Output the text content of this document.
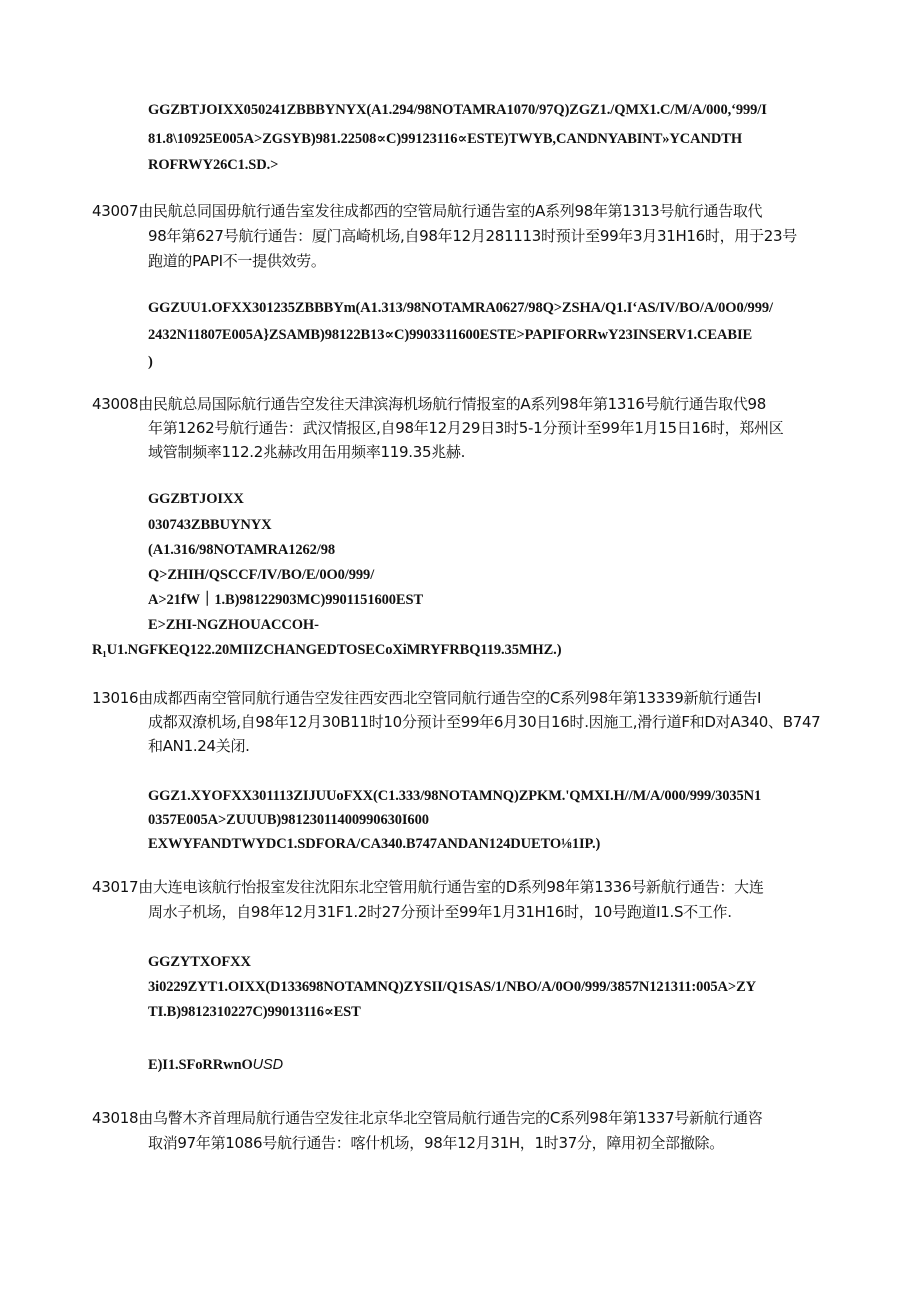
GGZBTJOIXX050241ZBBBYNYX(A1.294/98NOTAMRA1070/97Q)ZGZ1./QMX1.C/M/A/000,‘999/I

81.8\10925E005A>ZGSYB)981.22508∝C)99123116∝ESTE)TWYB,CANDNYABINT»YCANDTH

ROFRWY26C1.SD.>

43007由民航总同国毋航行通告室发往成都西的空管局航行通告室的A系列98年第1313号航行通告取代

98年第627号航行通告：厦门高崎机场,自98年12月281113时预计至99年3月31H16时，用于23号

跑道的PAPI不一提供效劳。

GGZUU1.OFXX301235ZBBBYm(A1.313/98NOTAMRA0627/98Q>ZSHA/Q1.I‘AS/IV/BO/A/0O0/999/

2432N11807E005A}ZSAMB)98122B13∝C)9903311600ESTE>PAPIFORRwY23INSERV1.CEABIE

)

43008由民航总局国际航行通告空发往天津滨海机场航行情报室的A系列98年第1316号航行通告取代98

年第1262号航行通告：武汉情报区,自98年12月29日3时5-1分预计至99年1月15日16时，郑州区

域管制频率112.2兆赫改用缶用频率119.35兆赫.

GGZBTJOIXX

030743ZBBUYNYX

(A1.316/98NOTAMRA1262/98

Q>ZHIH/QSCCF/IV/BO/E/0O0/999/

A>21fW｜1.B)98122903MC)9901151600EST

E>ZHI-NGZHOUACCOH-

R₁U1.NGFKEQ122.20MIIZCHANGEDTOSECoXiMRYFRBQ119.35MHZ.)

13016由成都西南空管同航行通告空发往西安西北空管同航行通告空的C系列98年第13339新航行通告I

成都双潦机场,自98年12月30B11时10分预计至99年6月30日16时.因施工,滑行道F和D对A340、B747

和AN1.24关闭.

GGZ1.XYOFXX301113ZIJUUoFXX(C1.333/98NOTAMNQ)ZPKM.'QMXI.H//M/A/000/999/3035N1

0357E005A>ZUUUB)98123011400990630I600

EXWYFANDTWYDC1.SDFORA/CA340.B747ANDAN124DUETO⅛1IP.)

43017由大连电该航行怡报室发往沈阳东北空管用航行通告室的D系列98年第1336号新航行通告：大连

周水子机场，自98年12月31F1.2时27分预计至99年1月31H16时，10号跑道I1.S不工作.

GGZYTXOFXX

3i0229ZYT1.OIXX(D133698NOTAMNQ)ZYSII/Q1SAS/1/NBO/A/0O0/999/3857N121311:005A>ZY

TI.B)9812310227C)99013116∝EST

E)I1.SFoRRwnOUSD

43018由乌瞥木齐首理局航行通告空发往北京华北空管局航行通告完的C系列98年第1337号新航行通咨

取消97年第1086号航行通告：喀什机场，98年12月31H，1时37分，障用初全部撤除。
